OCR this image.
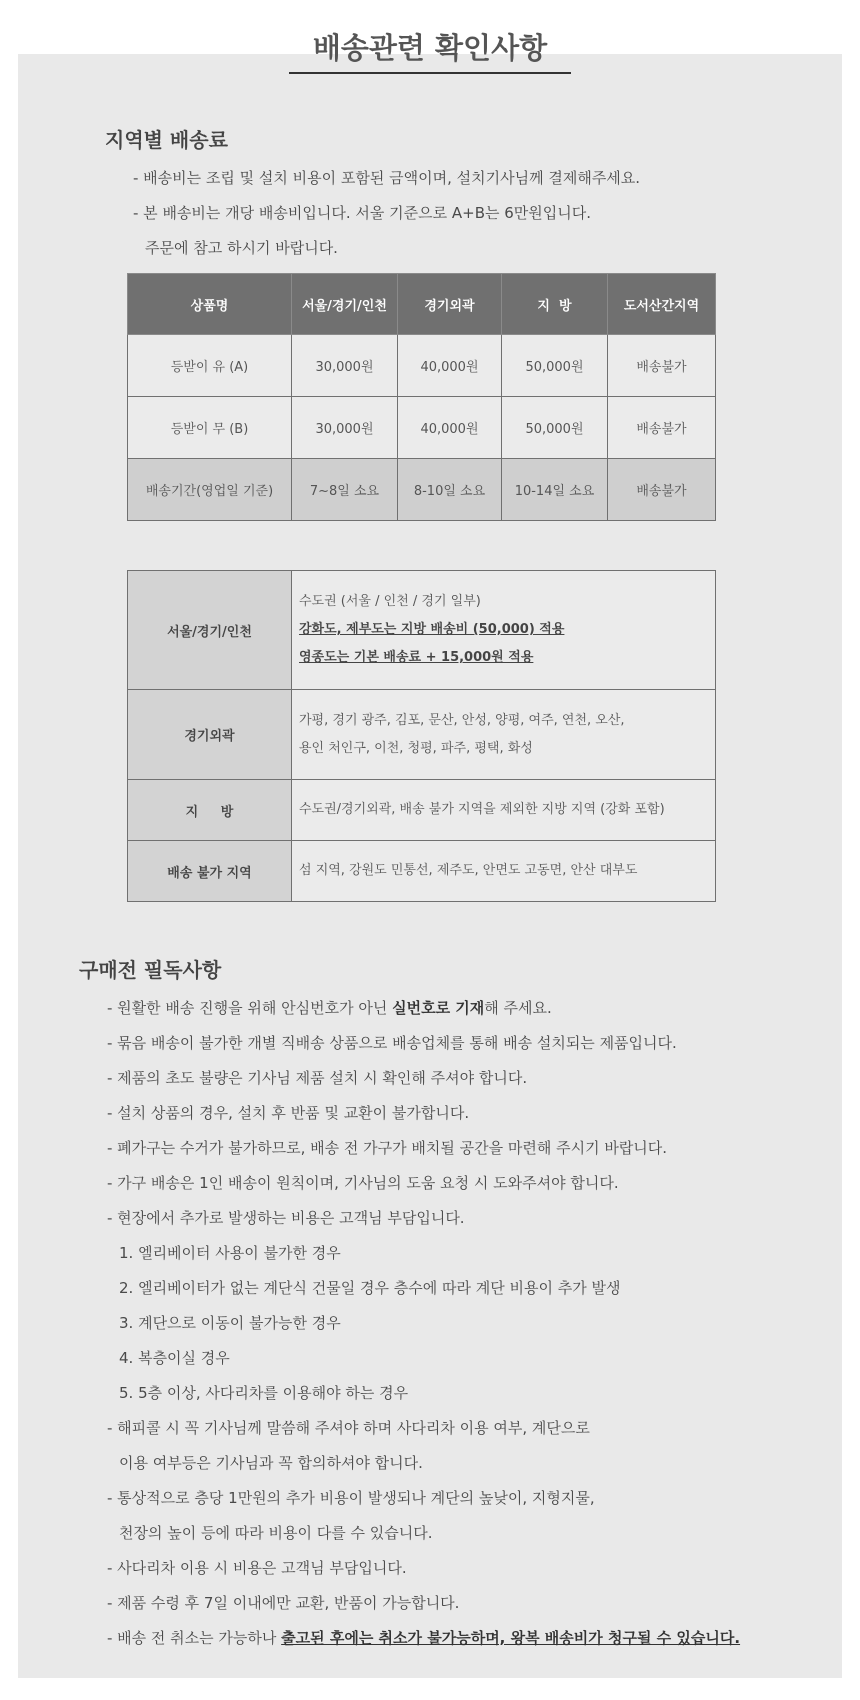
배송관련 확인사항
지역별 배송료
- 배송비는 조립 및 설치 비용이 포함된 금액이며, 설치기사님께 결제해주세요.
- 본 배송비는 개당 배송비입니다. 서울 기준으로 A+B는 6만원입니다.
주문에 참고 하시기 바랍니다.
상품명	서울/경기/인천	경기외곽	지  방	도서산간지역
등받이 유 (A)	30,000원	40,000원	50,000원	배송불가
등받이 무 (B)	30,000원	40,000원	50,000원	배송불가
배송기간(영업일 기준)	7~8일 소요	8-10일 소요	10-14일 소요	배송불가
서울/경기/인천	수도권 (서울 / 인천 / 경기 일부)
강화도, 제부도는 지방 배송비 (50,000) 적용
영종도는 기본 배송료 + 15,000원 적용

경기외곽	가평, 경기 광주, 김포, 문산, 안성, 양평, 여주, 연천, 오산,
용인 처인구, 이천, 청평, 파주, 평택, 화성

지     방	수도권/경기외곽, 배송 불가 지역을 제외한 지방 지역 (강화 포함)

배송 불가 지역	섬 지역, 강원도 민통선, 제주도, 안면도 고동면, 안산 대부도
구매전 필독사항
- 원활한 배송 진행을 위해 안심번호가 아닌 실번호로 기재해 주세요.
- 묶음 배송이 불가한 개별 직배송 상품으로 배송업체를 통해 배송 설치되는 제품입니다.
- 제품의 초도 불량은 기사님 제품 설치 시 확인해 주셔야 합니다.
- 설치 상품의 경우, 설치 후 반품 및 교환이 불가합니다.
- 폐가구는 수거가 불가하므로, 배송 전 가구가 배치될 공간을 마련해 주시기 바랍니다.
- 가구 배송은 1인 배송이 원칙이며, 기사님의 도움 요청 시 도와주셔야 합니다.
- 현장에서 추가로 발생하는 비용은 고객님 부담입니다.
1. 엘리베이터 사용이 불가한 경우
2. 엘리베이터가 없는 계단식 건물일 경우 층수에 따라 계단 비용이 추가 발생
3. 계단으로 이동이 불가능한 경우
4. 복층이실 경우
5. 5층 이상, 사다리차를 이용해야 하는 경우
- 해피콜 시 꼭 기사님께 말씀해 주셔야 하며 사다리차 이용 여부, 계단으로
이용 여부등은 기사님과 꼭 합의하셔야 합니다.
- 통상적으로 층당 1만원의 추가 비용이 발생되나 계단의 높낮이, 지형지물,
천장의 높이 등에 따라 비용이 다를 수 있습니다.
- 사다리차 이용 시 비용은 고객님 부담입니다.
- 제품 수령 후 7일 이내에만 교환, 반품이 가능합니다.
- 배송 전 취소는 가능하나 출고된 후에는 취소가 불가능하며, 왕복 배송비가 청구될 수 있습니다.
